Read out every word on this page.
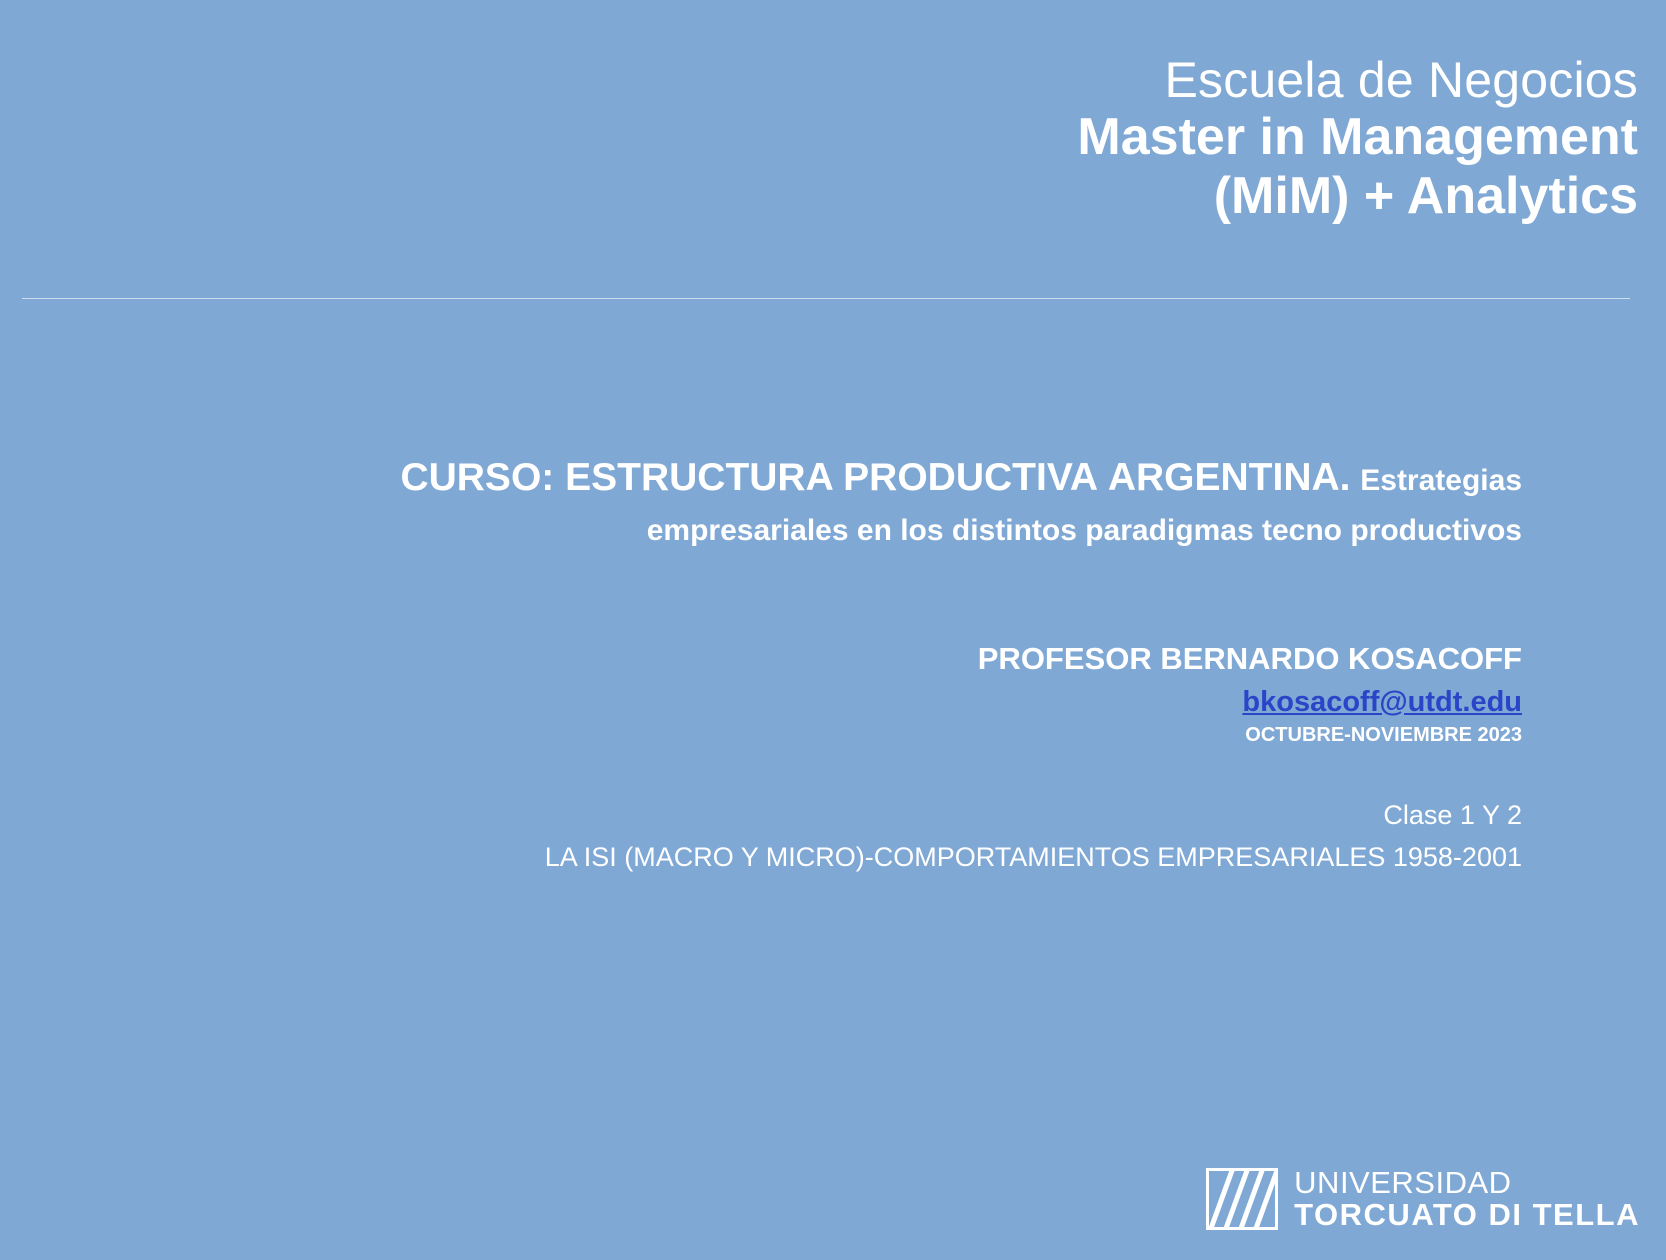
Escuela de Negocios
Master in Management
(MiM) + Analytics
CURSO: ESTRUCTURA PRODUCTIVA ARGENTINA. Estrategias empresariales en los distintos paradigmas tecno productivos
PROFESOR BERNARDO KOSACOFF
bkosacoff@utdt.edu
OCTUBRE-NOVIEMBRE 2023
Clase 1 Y 2
LA ISI (MACRO Y MICRO)-COMPORTAMIENTOS EMPRESARIALES 1958-2001
UNIVERSIDAD
TORCUATO DI TELLA
